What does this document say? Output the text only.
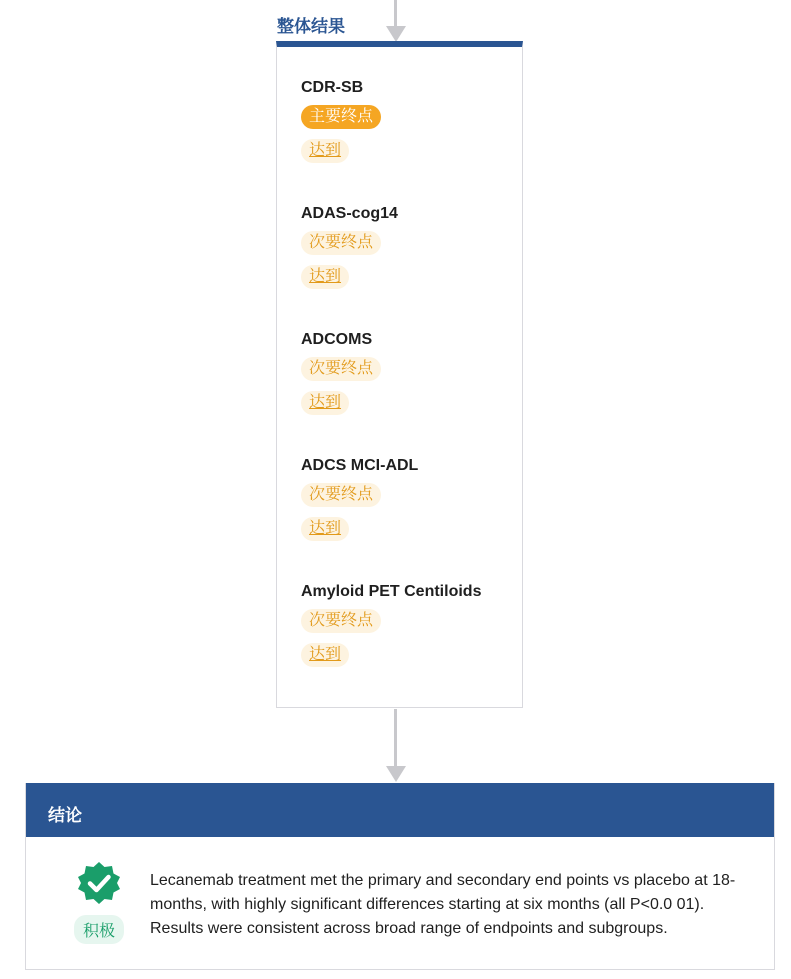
整体结果
CDR-SB
主要终点
达到
ADAS-cog14
次要终点
达到
ADCOMS
次要终点
达到
ADCS MCI-ADL
次要终点
达到
Amyloid PET Centiloids
次要终点
达到
结论
积极
Lecanemab treatment met the primary and secondary end points vs placebo at 18- months, with highly significant differences starting at six months (all P<0.0 01). Results were consistent across broad range of endpoints and subgroups.
